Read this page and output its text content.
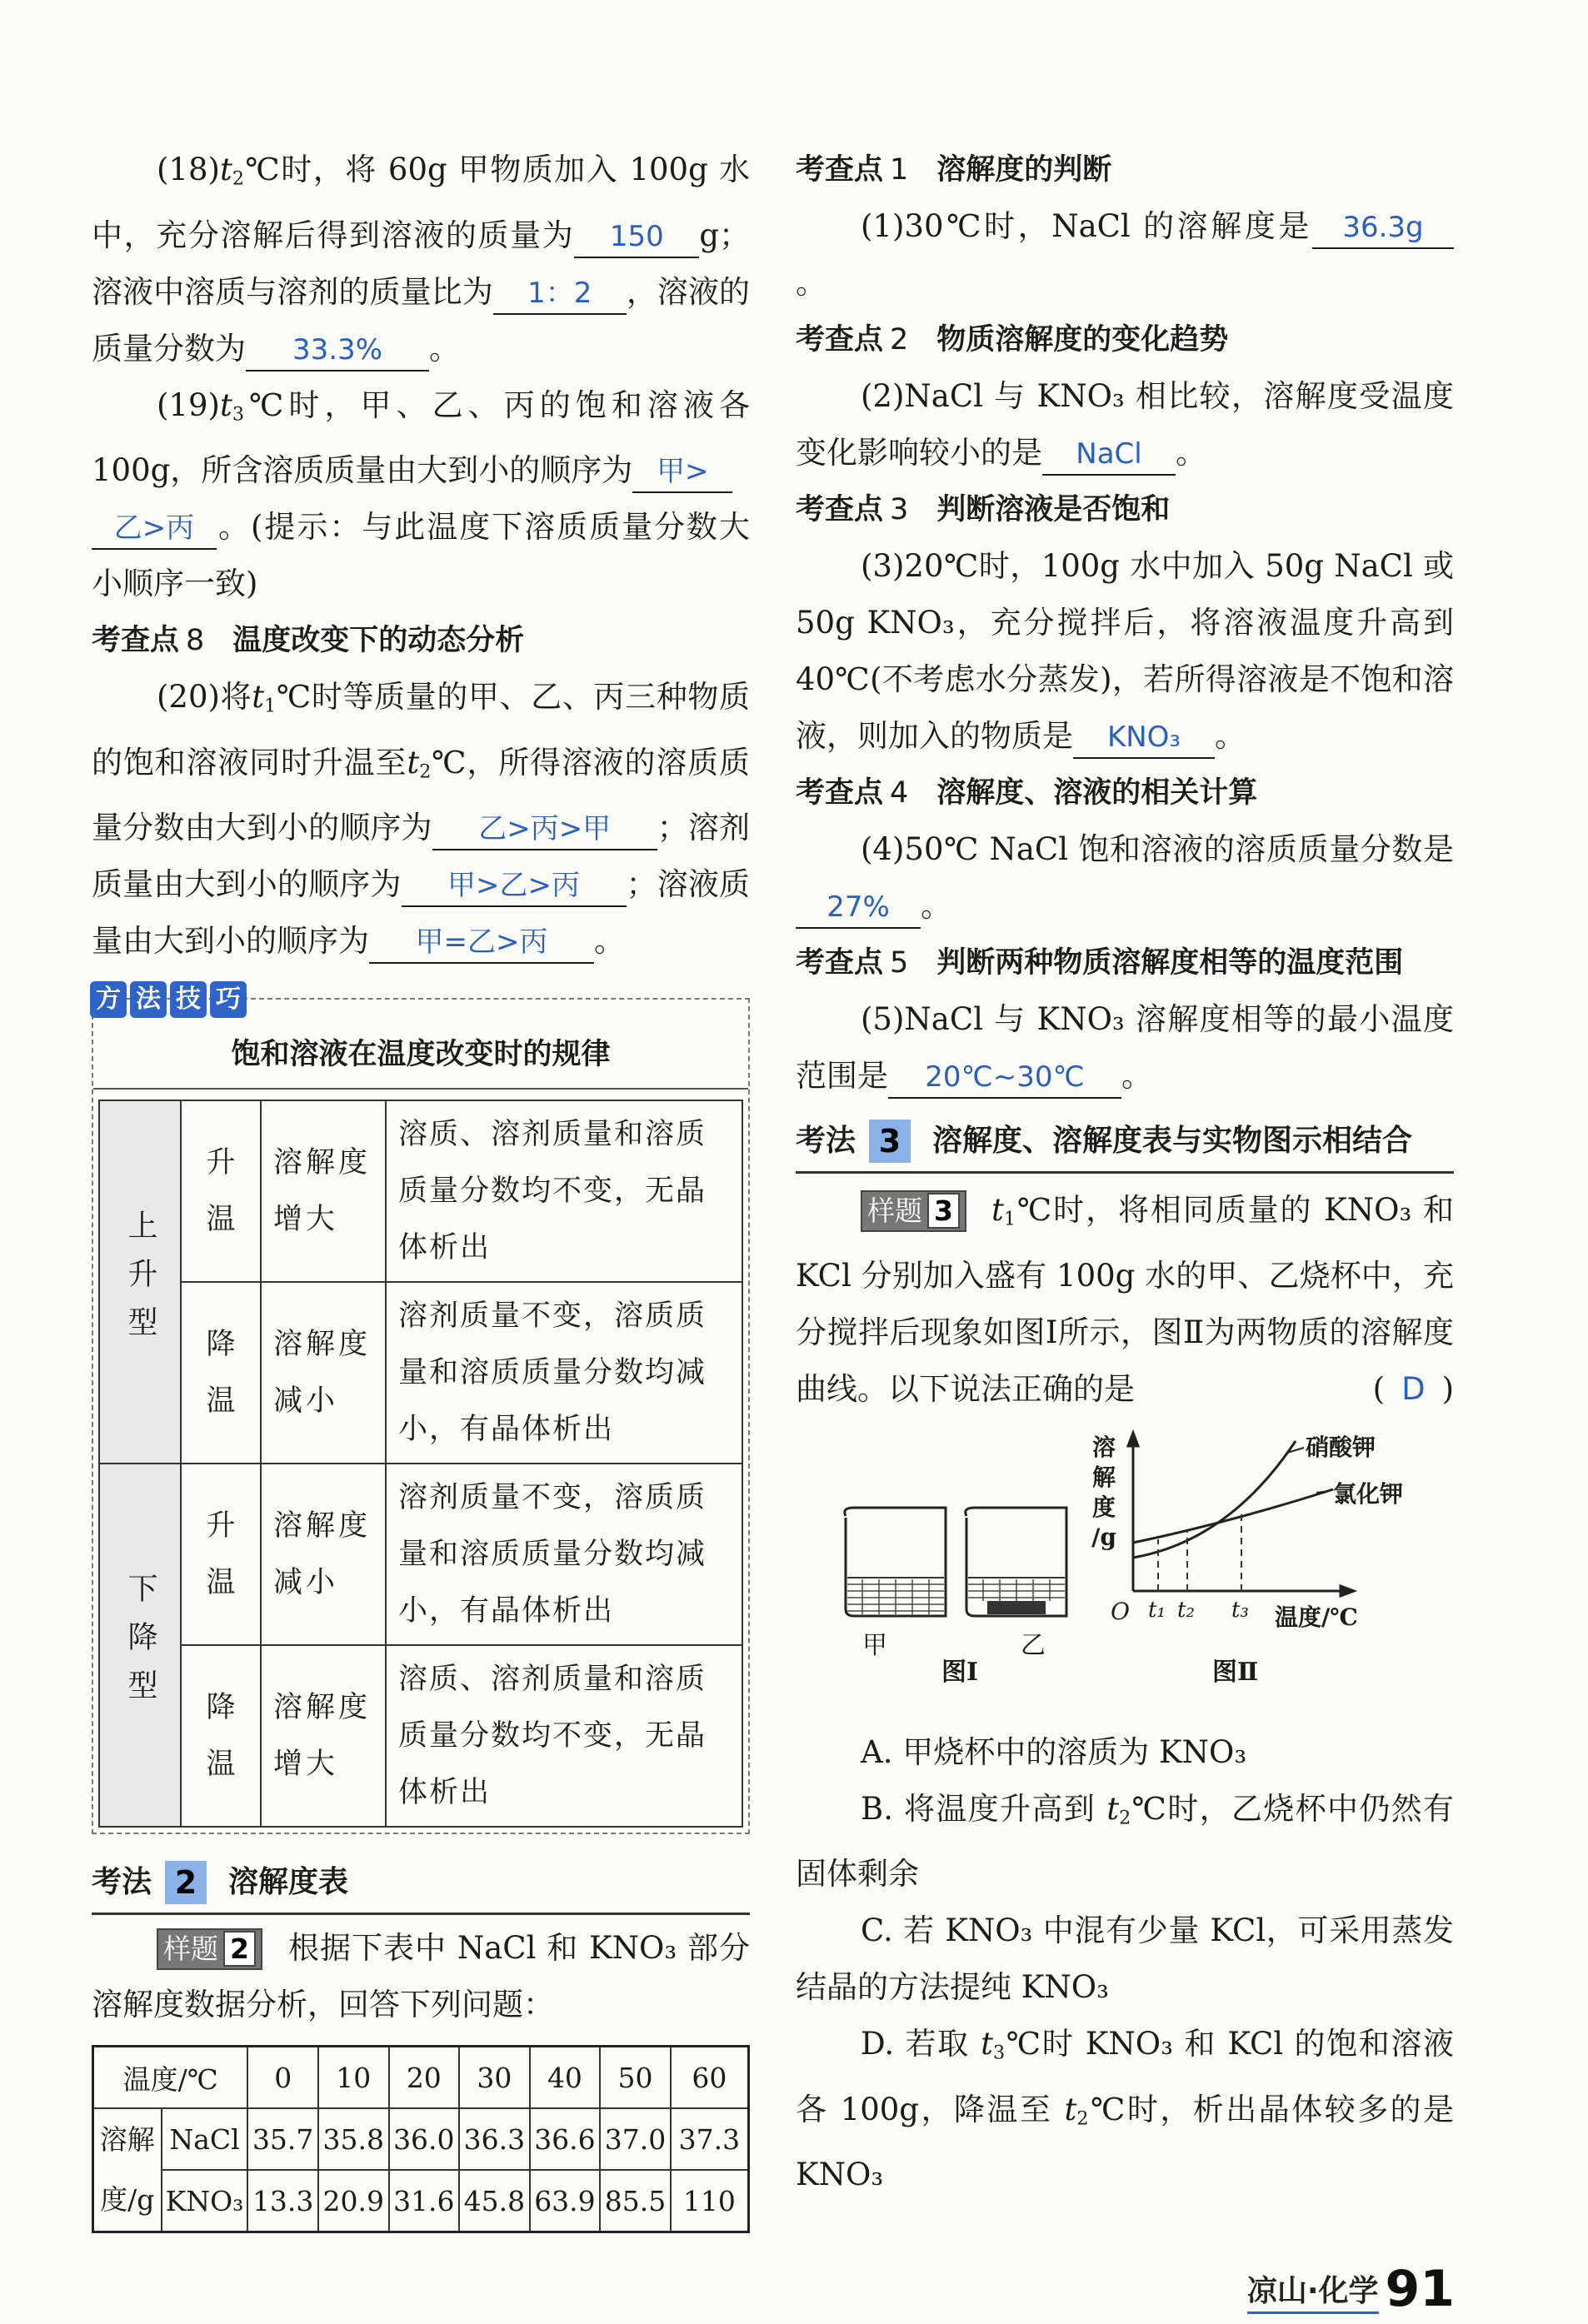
$(18)t_2℃$时，将 60g 甲物质加入 100g 水中，充分溶解后得到溶液的质量为 150 g；溶液中溶质与溶剂的质量比为 1：2 ，溶液的质量分数为 33.3% 。

$(19)t_3℃$时，甲、乙、丙的饱和溶液各100g，所含溶质质量由大到小的顺序为 甲>
乙>丙 。(提示：与此温度下溶质质量分数大小顺序一致)

考查点 8 温度改变下的动态分析

(20)将$t_1℃$时等质量的甲、乙、丙三种物质的饱和溶液同时升温至$t_2℃$，所得溶液的溶质质量分数由大到小的顺序为 乙>丙>甲 ；溶剂质量由大到小的顺序为 甲>乙>丙 ；溶液质量由大到小的顺序为 甲=乙>丙 。

方 法 技 巧
饱和溶液在温度改变时的规律
上升型	升温	溶解度增大	溶质、溶剂质量和溶质质量分数均不变，无晶体析出
	降温	溶解度减小	溶剂质量不变，溶质质量和溶质质量分数均减小，有晶体析出
下降型	升温	溶解度减小	溶剂质量不变，溶质质量和溶质质量分数均减小，有晶体析出
	降温	溶解度增大	溶质、溶剂质量和溶质质量分数均不变，无晶体析出

考法 2	溶解度表

样题 2 根据下表中 NaCl 和 KNO₃ 部分溶解度数据分析，回答下列问题：

温度/℃		0	10	20	30	40	50	60
溶解
度/g	NaCl	35.7	35.8	36.0	36.3	36.6	37.0	37.3
	KNO₃	13.3	20.9	31.6	45.8	63.9	85.5	110

考查点 1 溶解度的判断

(1)30℃时，NaCl 的溶解度是 36.3g。

考查点 2 物质溶解度的变化趋势

(2)NaCl 与 KNO₃ 相比较，溶解度受温度变化影响较小的是 NaCl 。

考查点 3 判断溶液是否饱和

(3)20℃时，100g 水中加入 50g NaCl 或 50g KNO₃，充分搅拌后，将溶液温度升高到 40℃(不考虑水分蒸发)，若所得溶液是不饱和溶液，则加入的物质是 KNO₃ 。

考查点 4 溶解度、溶液的相关计算

(4)50℃ NaCl 饱和溶液的溶质质量分数是27% 。

考查点 5 判断两种物质溶解度相等的温度范围

(5)NaCl 与 KNO₃ 溶解度相等的最小温度范围是 20℃~30℃ 。

考法 3	溶解度、溶解度表与实物图示相结合

样题 3 $t_1℃$时，将相同质量的 KNO₃ 和 KCl 分别加入盛有 100g 水的甲、乙烧杯中，充分搅拌后现象如图Ⅰ所示，图Ⅱ为两物质的溶解度曲线。以下说法正确的是	( D )

甲	乙
图Ⅰ	图Ⅱ
溶
解
度
/g
温度/℃
O t₁ t₂ t₃
硝酸钾
氯化钾

A. 甲烧杯中的溶质为 KNO₃

B. 将温度升高到 $t_2℃$时，乙烧杯中仍然有固体剩余

C. 若 KNO₃ 中混有少量 KCl，可采用蒸发结晶的方法提纯 KNO₃

D. 若取 $t_3℃$时 KNO₃ 和 KCl 的饱和溶液各 100g，降温至 $t_2℃$时，析出晶体较多的是 KNO₃

凉山·化学 91
